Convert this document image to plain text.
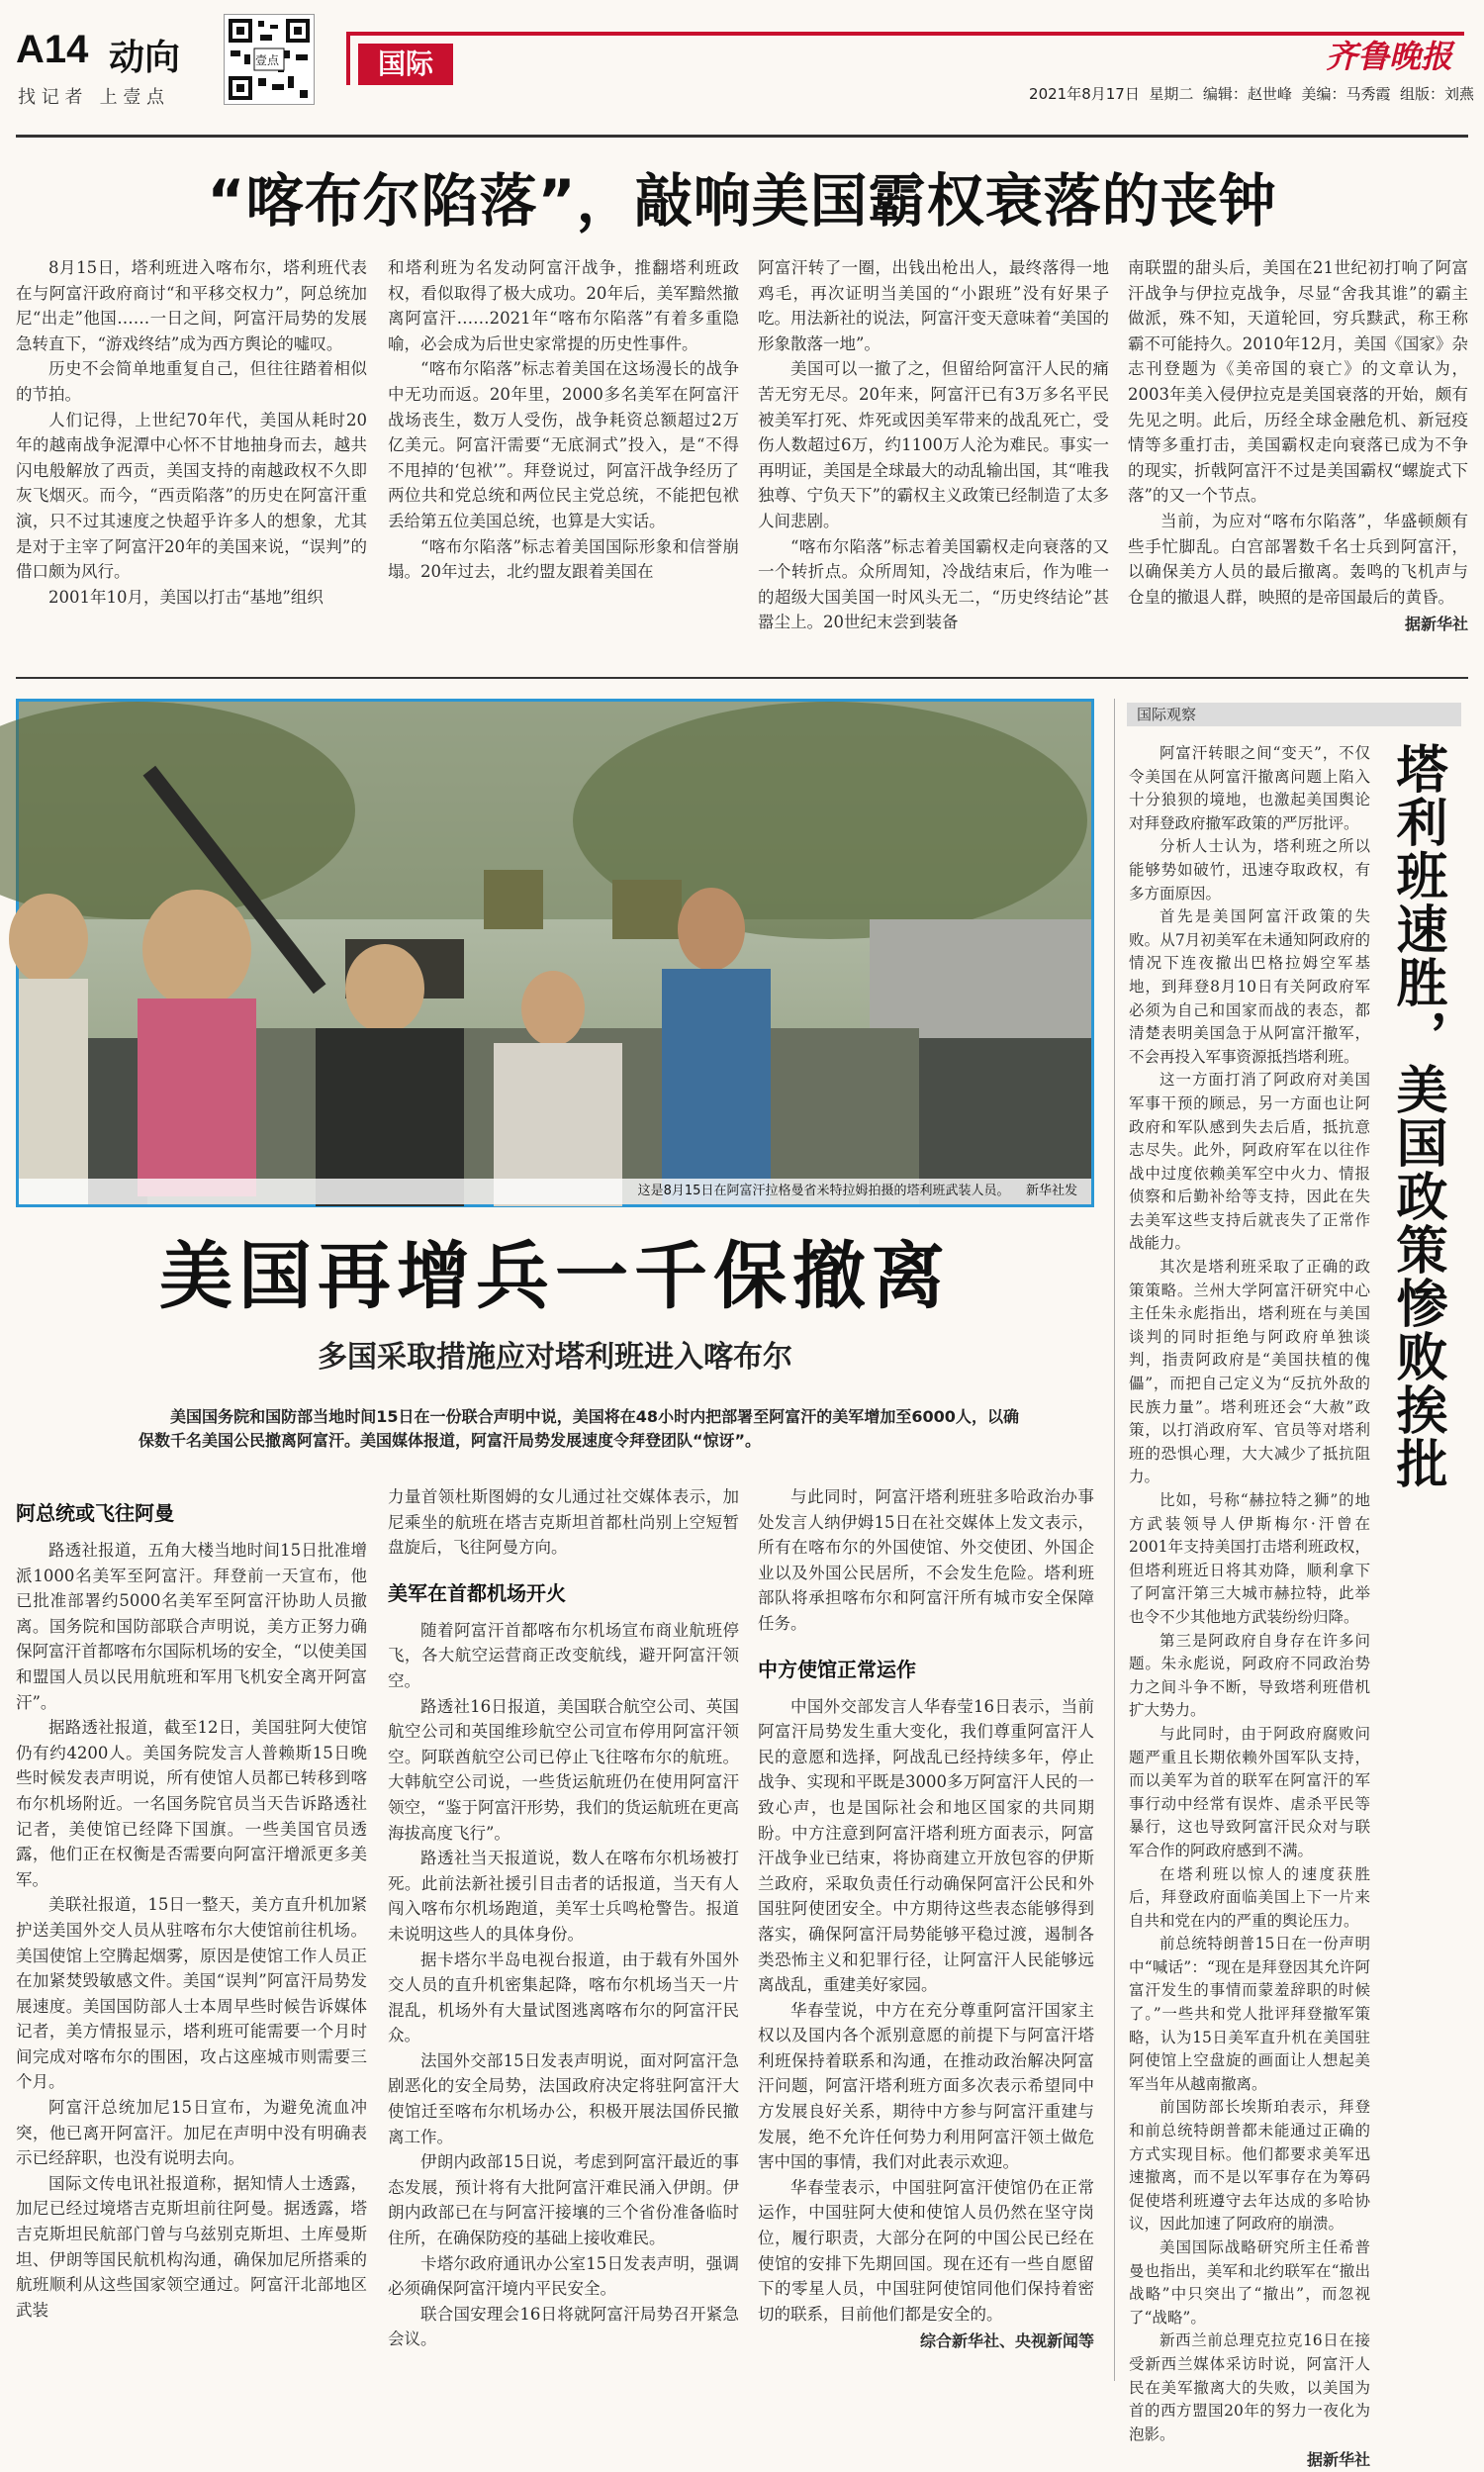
A14 动向
找 记 者   上 壹 点
壹点	国际	齐鲁晚报
2021年8月17日  星期二  编辑：赵世峰  美编：马秀霞  组版：刘燕
“喀布尔陷落”，敲响美国霸权衰落的丧钟

8月15日，塔利班进入喀布尔，塔利班代表在与阿富汗政府商讨“和平移交权力”，阿总统加尼“出走”他国……一日之间，阿富汗局势的发展急转直下，“游戏终结”成为西方舆论的噓叹。

历史不会简单地重复自己，但往往踏着相似的节拍。

人们记得，上世纪70年代，美国从耗时20年的越南战争泥潭中心怀不甘地抽身而去，越共闪电般解放了西贡，美国支持的南越政权不久即灰飞烟灭。而今，“西贡陷落”的历史在阿富汗重演，只不过其速度之快超乎许多人的想象，尤其是对于主宰了阿富汗20年的美国来说，“误判”的借口颇为风行。

2001年10月，美国以打击“基地”组织

和塔利班为名发动阿富汗战争，推翻塔利班政权，看似取得了极大成功。20年后，美军黯然撤离阿富汗……2021年“喀布尔陷落”有着多重隐喻，必会成为后世史家常提的历史性事件。

“喀布尔陷落”标志着美国在这场漫长的战争中无功而返。20年里，2000多名美军在阿富汗战场丧生，数万人受伤，战争耗资总额超过2万亿美元。阿富汗需要“无底洞式”投入，是“不得不甩掉的‘包袱’”。拜登说过，阿富汗战争经历了两位共和党总统和两位民主党总统，不能把包袱丢给第五位美国总统，也算是大实话。

“喀布尔陷落”标志着美国国际形象和信誉崩塌。20年过去，北约盟友跟着美国在

阿富汗转了一圈，出钱出枪出人，最终落得一地鸡毛，再次证明当美国的“小跟班”没有好果子吃。用法新社的说法，阿富汗变天意味着“美国的形象散落一地”。

美国可以一撤了之，但留给阿富汗人民的痛苦无穷无尽。20年来，阿富汗已有3万多名平民被美军打死、炸死或因美军带来的战乱死亡，受伤人数超过6万，约1100万人沦为难民。事实一再明证，美国是全球最大的动乱输出国，其“唯我独尊、宁负天下”的霸权主义政策已经制造了太多人间悲剧。

“喀布尔陷落”标志着美国霸权走向衰落的又一个转折点。众所周知，冷战结束后，作为唯一的超级大国美国一时风头无二，“历史终结论”甚嚣尘上。20世纪末尝到装备

南联盟的甜头后，美国在21世纪初打响了阿富汗战争与伊拉克战争，尽显“舍我其谁”的霸主做派，殊不知，天道轮回，穷兵黩武，称王称霸不可能持久。2010年12月，美国《国家》杂志刊登题为《美帝国的衰亡》的文章认为，2003年美入侵伊拉克是美国衰落的开始，颇有先见之明。此后，历经全球金融危机、新冠疫情等多重打击，美国霸权走向衰落已成为不争的现实，折戟阿富汗不过是美国霸权“螺旋式下落”的又一个节点。

当前，为应对“喀布尔陷落”，华盛顿颇有些手忙脚乱。白宫部署数千名士兵到阿富汗，以确保美方人员的最后撤离。轰鸣的飞机声与仓皇的撤退人群，映照的是帝国最后的黄昏。

据新华社
这是8月15日在阿富汗拉格曼省米特拉姆拍摄的塔利班武装人员。 新华社发
美国再增兵一千保撤离
多国采取措施应对塔利班进入喀布尔
美国国务院和国防部当地时间15日在一份联合声明中说，美国将在48小时内把部署至阿富汗的美军增加至6000人，以确保数千名美国公民撤离阿富汗。美国媒体报道，阿富汗局势发展速度令拜登团队“惊讶”。
阿总统或飞往阿曼

路透社报道，五角大楼当地时间15日批准增派1000名美军至阿富汗。拜登前一天宣布，他已批准部署约5000名美军至阿富汗协助人员撤离。国务院和国防部联合声明说，美方正努力确保阿富汗首都喀布尔国际机场的安全，“以使美国和盟国人员以民用航班和军用飞机安全离开阿富汗”。

据路透社报道，截至12日，美国驻阿大使馆仍有约4200人。美国务院发言人普赖斯15日晚些时候发表声明说，所有使馆人员都已转移到喀布尔机场附近。一名国务院官员当天告诉路透社记者，美使馆已经降下国旗。一些美国官员透露，他们正在权衡是否需要向阿富汗增派更多美军。

美联社报道，15日一整天，美方直升机加紧护送美国外交人员从驻喀布尔大使馆前往机场。美国使馆上空腾起烟雾，原因是使馆工作人员正在加紧焚毁敏感文件。美国“误判”阿富汗局势发展速度。美国国防部人士本周早些时候告诉媒体记者，美方情报显示，塔利班可能需要一个月时间完成对喀布尔的围困，攻占这座城市则需要三个月。

阿富汗总统加尼15日宣布，为避免流血冲突，他已离开阿富汗。加尼在声明中没有明确表示已经辞职，也没有说明去向。

国际文传电讯社报道称，据知情人士透露，加尼已经过境塔吉克斯坦前往阿曼。据透露，塔吉克斯坦民航部门曾与乌兹别克斯坦、土库曼斯坦、伊朗等国民航机构沟通，确保加尼所搭乘的航班顺利从这些国家领空通过。阿富汗北部地区武装

力量首领杜斯图姆的女儿通过社交媒体表示，加尼乘坐的航班在塔吉克斯坦首都杜尚别上空短暂盘旋后，飞往阿曼方向。

美军在首都机场开火

随着阿富汗首都喀布尔机场宣布商业航班停飞，各大航空运营商正改变航线，避开阿富汗领空。

路透社16日报道，美国联合航空公司、英国航空公司和英国维珍航空公司宣布停用阿富汗领空。阿联酋航空公司已停止飞往喀布尔的航班。大韩航空公司说，一些货运航班仍在使用阿富汗领空，“鉴于阿富汗形势，我们的货运航班在更高海拔高度飞行”。

路透社当天报道说，数人在喀布尔机场被打死。此前法新社援引目击者的话报道，当天有人闯入喀布尔机场跑道，美军士兵鸣枪警告。报道未说明这些人的具体身份。

据卡塔尔半岛电视台报道，由于载有外国外交人员的直升机密集起降，喀布尔机场当天一片混乱，机场外有大量试图逃离喀布尔的阿富汗民众。

法国外交部15日发表声明说，面对阿富汗急剧恶化的安全局势，法国政府决定将驻阿富汗大使馆迁至喀布尔机场办公，积极开展法国侨民撤离工作。

伊朗内政部15日说，考虑到阿富汗最近的事态发展，预计将有大批阿富汗难民涌入伊朗。伊朗内政部已在与阿富汗接壤的三个省份准备临时住所，在确保防疫的基础上接收难民。

卡塔尔政府通讯办公室15日发表声明，强调必须确保阿富汗境内平民安全。

联合国安理会16日将就阿富汗局势召开紧急会议。

与此同时，阿富汗塔利班驻多哈政治办事处发言人纳伊姆15日在社交媒体上发文表示，所有在喀布尔的外国使馆、外交使团、外国企业以及外国公民居所，不会发生危险。塔利班部队将承担喀布尔和阿富汗所有城市安全保障任务。

中方使馆正常运作

中国外交部发言人华春莹16日表示，当前阿富汗局势发生重大变化，我们尊重阿富汗人民的意愿和选择，阿战乱已经持续多年，停止战争、实现和平既是3000多万阿富汗人民的一致心声，也是国际社会和地区国家的共同期盼。中方注意到阿富汗塔利班方面表示，阿富汗战争业已结束，将协商建立开放包容的伊斯兰政府，采取负责任行动确保阿富汗公民和外国驻阿使团安全。中方期待这些表态能够得到落实，确保阿富汗局势能够平稳过渡，遏制各类恐怖主义和犯罪行径，让阿富汗人民能够远离战乱，重建美好家园。

华春莹说，中方在充分尊重阿富汗国家主权以及国内各个派别意愿的前提下与阿富汗塔利班保持着联系和沟通，在推动政治解决阿富汗问题，阿富汗塔利班方面多次表示希望同中方发展良好关系，期待中方参与阿富汗重建与发展，绝不允许任何势力利用阿富汗领土做危害中国的事情，我们对此表示欢迎。

华春莹表示，中国驻阿富汗使馆仍在正常运作，中国驻阿大使和使馆人员仍然在坚守岗位，履行职责，大部分在阿的中国公民已经在使馆的安排下先期回国。现在还有一些自愿留下的零星人员，中国驻阿使馆同他们保持着密切的联系，目前他们都是安全的。

综合新华社、央视新闻等
国际观察
塔利班速胜，美国政策惨败挨批

阿富汗转眼之间“变天”，不仅令美国在从阿富汗撤离问题上陷入十分狼狈的境地，也激起美国舆论对拜登政府撤军政策的严厉批评。

分析人士认为，塔利班之所以能够势如破竹，迅速夺取政权，有多方面原因。

首先是美国阿富汗政策的失败。从7月初美军在未通知阿政府的情况下连夜撤出巴格拉姆空军基地，到拜登8月10日有关阿政府军必须为自己和国家而战的表态，都清楚表明美国急于从阿富汗撤军，不会再投入军事资源抵挡塔利班。

这一方面打消了阿政府对美国军事干预的顾忌，另一方面也让阿政府和军队感到失去后盾，抵抗意志尽失。此外，阿政府军在以往作战中过度依赖美军空中火力、情报侦察和后勤补给等支持，因此在失去美军这些支持后就丧失了正常作战能力。

其次是塔利班采取了正确的政策策略。兰州大学阿富汗研究中心主任朱永彪指出，塔利班在与美国谈判的同时拒绝与阿政府单独谈判，指责阿政府是“美国扶植的傀儡”，而把自己定义为“反抗外敌的民族力量”。塔利班还会“大赦”政策，以打消政府军、官员等对塔利班的恐惧心理，大大减少了抵抗阻力。

比如，号称“赫拉特之狮”的地方武装领导人伊斯梅尔·汗曾在2001年支持美国打击塔利班政权，但塔利班近日将其劝降，顺利拿下了阿富汗第三大城市赫拉特，此举也令不少其他地方武装纷纷归降。

第三是阿政府自身存在许多问题。朱永彪说，阿政府不同政治势力之间斗争不断，导致塔利班借机扩大势力。

与此同时，由于阿政府腐败问题严重且长期依赖外国军队支持，而以美军为首的联军在阿富汗的军事行动中经常有误炸、虐杀平民等暴行，这也导致阿富汗民众对与联军合作的阿政府感到不满。

在塔利班以惊人的速度获胜后，拜登政府面临美国上下一片来自共和党在内的严重的舆论压力。

前总统特朗普15日在一份声明中“喊话”：“现在是拜登因其允许阿富汗发生的事情而蒙羞辞职的时候了。”一些共和党人批评拜登撤军策略，认为15日美军直升机在美国驻阿使馆上空盘旋的画面让人想起美军当年从越南撤离。

前国防部长埃斯珀表示，拜登和前总统特朗普都未能通过正确的方式实现目标。他们都要求美军迅速撤离，而不是以军事存在为筹码促使塔利班遵守去年达成的多哈协议，因此加速了阿政府的崩溃。

美国国际战略研究所主任希普曼也指出，美军和北约联军在“撤出战略”中只突出了“撤出”，而忽视了“战略”。

新西兰前总理克拉克16日在接受新西兰媒体采访时说，阿富汗人民在美军撤离大的失败，以美国为首的西方盟国20年的努力一夜化为泡影。

据新华社
